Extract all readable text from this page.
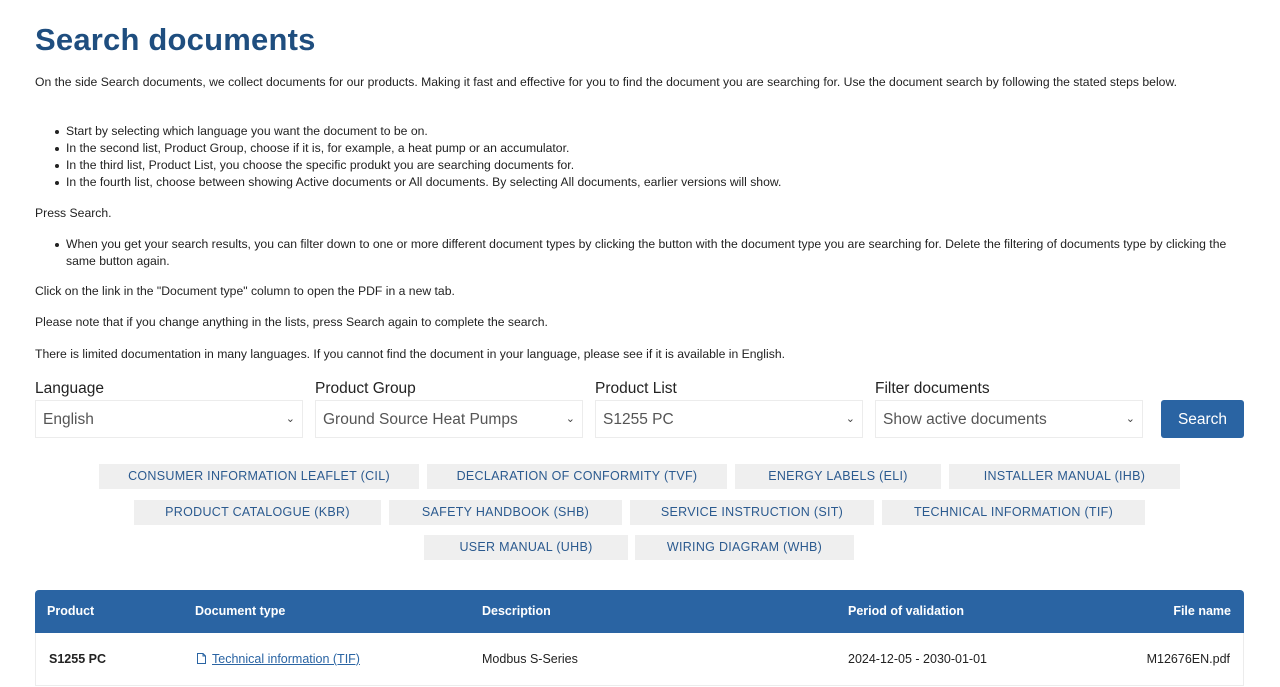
Search documents

On the side Search documents, we collect documents for our products. Making it fast and effective for you to find the document you are searching for. Use the document search by following the stated steps below.

Start by selecting which language you want the document to be on.
In the second list, Product Group, choose if it is, for example, a heat pump or an accumulator.
In the third list, Product List, you choose the specific produkt you are searching documents for.
In the fourth list, choose between showing Active documents or All documents. By selecting All documents, earlier versions will show.

Press Search.

When you get your search results, you can filter down to one or more different document types by clicking the button with the document type you are searching for. Delete the filtering of documents type by clicking the same button again.

Click on the link in the "Document type" column to open the PDF in a new tab.

Please note that if you change anything in the lists, press Search again to complete the search.

There is limited documentation in many languages. If you cannot find the document in your language, please see if it is available in English.

Language
English	⌄
Product Group
Ground Source Heat Pumps	⌄
Product List
S1255 PC	⌄
Filter documents
Show active documents	⌄	Search
CONSUMER INFORMATION LEAFLET (CIL)	DECLARATION OF CONFORMITY (TVF)	ENERGY LABELS (ELI)	INSTALLER MANUAL (IHB)
PRODUCT CATALOGUE (KBR)	SAFETY HANDBOOK (SHB)	SERVICE INSTRUCTION (SIT)	TECHNICAL INFORMATION (TIF)
USER MANUAL (UHB)	WIRING DIAGRAM (WHB)
Product	Document type	Description	Period of validation	File name
S1255 PC	Technical information (TIF)	Modbus S-Series	2024-12-05 - 2030-01-01	M12676EN.pdf
